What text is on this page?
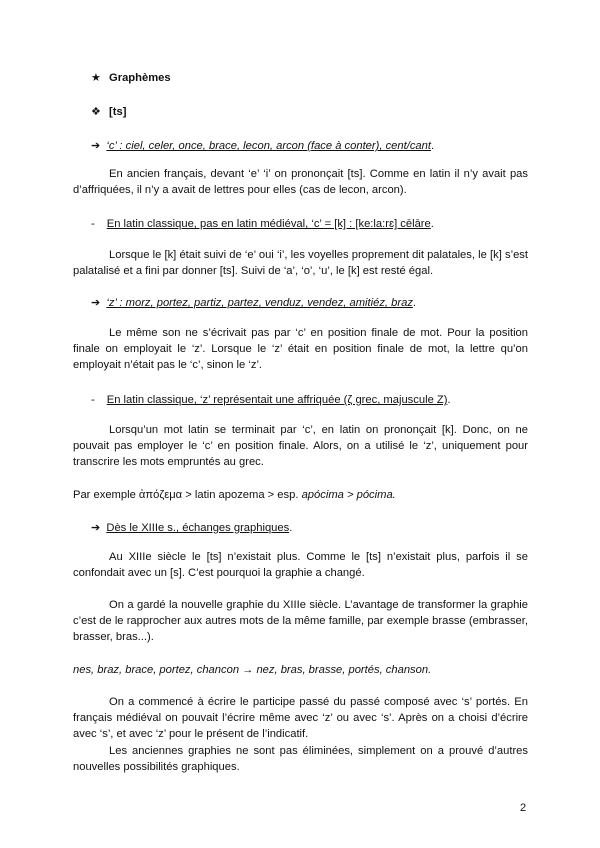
★ Graphèmes
❖ [ts]
➔ ‘c’ : ciel, celer, once, brace, lecon, arcon (face à conter), cent/cant.
En ancien français, devant ‘e’ ‘i’ on prononçait [ts]. Comme en latin il n’y avait pas d’affriquées, il n’y a avait de lettres pour elles (cas de lecon, arcon).
- En latin classique, pas en latin médiéval, ‘c’ = [k] : [ke:la:rɛ] cēlāre.
Lorsque le [k] était suivi de ‘e’ oui ‘i’, les voyelles proprement dit palatales, le [k] s’est palatalisé et a fini par donner [ts]. Suivi de ‘a’, ‘o’, ‘u’, le [k] est resté égal.
➔ ‘z’ : morz, portez, partiz, partez, venduz, vendez, amitiéz, braz.
Le même son ne s’écrivait pas par ‘c’ en position finale de mot. Pour la position finale on employait le ‘z’. Lorsque le ‘z’ était en position finale de mot, la lettre qu’on employait n’était pas le ‘c’, sinon le ‘z’.
- En latin classique, ‘z’ représentait une affriquée (ζ grec, majuscule Ζ).
Lorsqu’un mot latin se terminait par ‘c’, en latin on prononçait [k]. Donc, on ne pouvait pas employer le ‘c’ en position finale. Alors, on a utilisé le ‘z’, uniquement pour transcrire les mots empruntés au grec.
Par exemple ἀπόζεμα > latin apozema > esp. apócima > pócima.
➔ Dès le XIIIe s., échanges graphiques.
Au XIIIe siècle le [ts] n’existait plus. Comme le [ts] n’existait plus, parfois il se confondait avec un [s]. C’est pourquoi la graphie a changé.
On a gardé la nouvelle graphie du XIIIe siècle. L’avantage de transformer la graphie c’est de le rapprocher aux autres mots de la même famille, par exemple brasse (embrasser, brasser, bras...).
nes, braz, brace, portez, chancon → nez, bras, brasse, portés, chanson.
On a commencé à écrire le participe passé du passé composé avec ‘s’ portés. En français médiéval on pouvait l’écrire même avec ‘z’ ou avec ‘s’. Après on a choisi d’écrire avec ‘s’, et avec ‘z’ pour le présent de l’indicatif.
Les anciennes graphies ne sont pas éliminées, simplement on a prouvé d’autres nouvelles possibilités graphiques.
2
